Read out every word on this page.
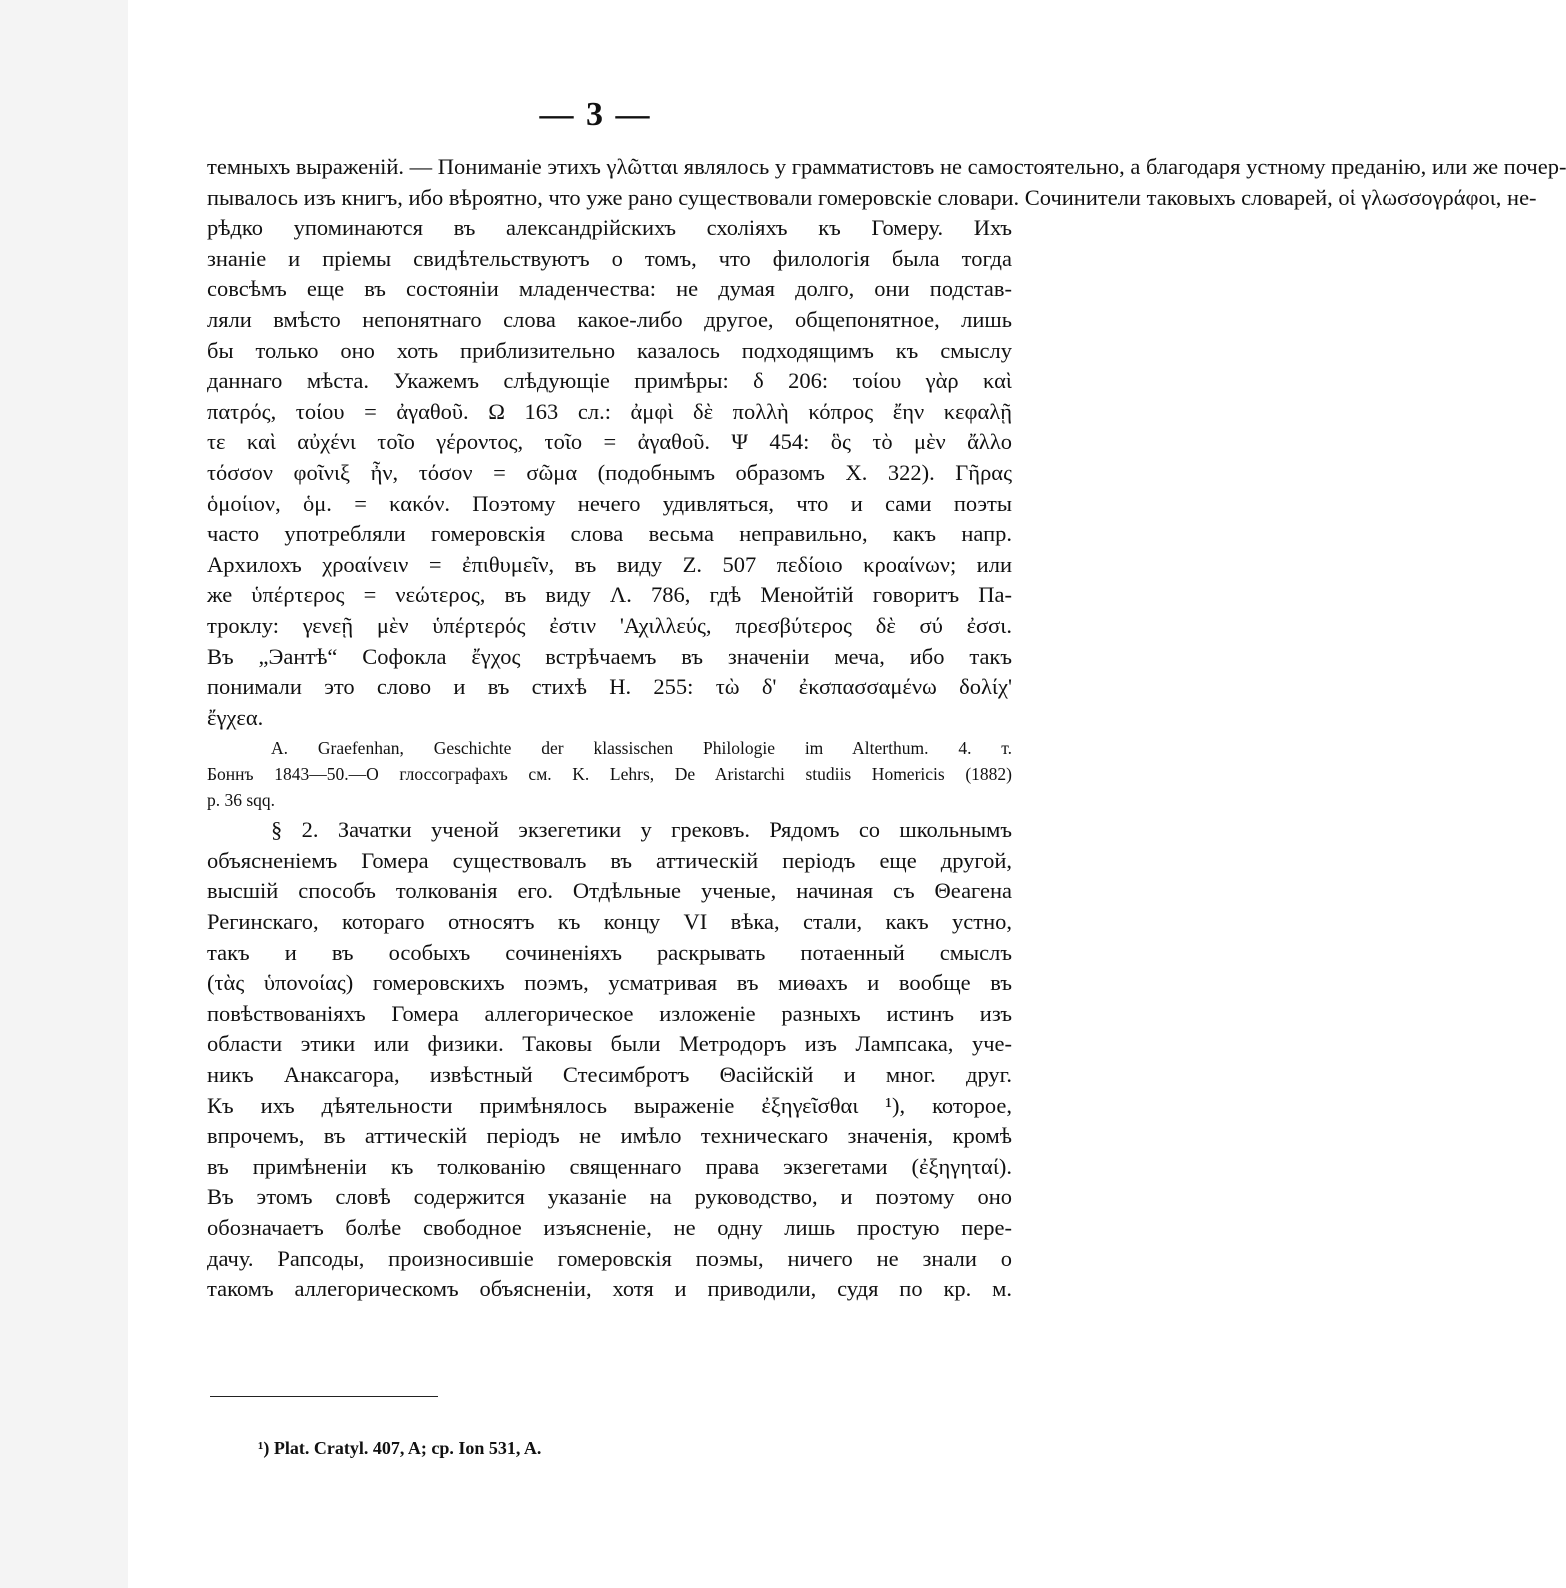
— 3 —
темныхъ выраженій. — Пониманіе этихъ γλῶτται являлось у грамматистовъ не самостоятельно, а благодаря устному преданію, или же почер-
пывалось изъ книгъ, ибо вѣроятно, что уже рано существовали гомеровскіе словари. Сочинители таковыхъ словарей, οἱ γλωσσογράφοι, не-
рѣдко упоминаются въ александрійскихъ схоліяхъ къ Гомеру. Ихъ
знаніе и пріемы свидѣтельствуютъ о томъ, что филологія была тогда
совсѣмъ еще въ состояніи младенчества: не думая долго, они подстав-
ляли вмѣсто непонятнаго слова какое-либо другое, общепонятное, лишь
бы только оно хоть приблизительно казалось подходящимъ къ смыслу
даннаго мѣста. Укажемъ слѣдующіе примѣры: δ 206: τοίου γὰρ καὶ
πατρός, τοίου = ἀγαθοῦ. Ω 163 сл.: ἀμφὶ δὲ πολλὴ κόπρος ἔην κεφαλῇ
τε καὶ αὐχένι τοῖο γέροντος, τοῖο = ἀγαθοῦ. Ψ 454: ὃς τὸ μὲν ἄλλο
τόσσον φοῖνιξ ἦν, τόσον = σῶμα (подобнымъ образомъ Χ. 322). Γῆρας
ὁμοίιον, ὁμ. = κακόν. Поэтому нечего удивляться, что и сами поэты
часто употребляли гомеровскія слова весьма неправильно, какъ напр.
Архилохъ χροαίνειν = ἐπιθυμεῖν, въ виду Ζ. 507 πεδίοιο κροαίνων; или
же ὑπέρτερος = νεώτερος, въ виду Λ. 786, гдѣ Менойтій говоритъ Па-
троклу: γενεῇ μὲν ὑπέρτερός ἐστιν 'Αχιλλεύς, πρεσβύτερος δὲ σύ ἐσσι.
Въ „Эантѣ“ Софокла ἔγχος встрѣчаемъ въ значеніи меча, ибо такъ
понимали это слово и въ стихѣ Η. 255: τὼ δ' ἐκσπασσαμένω δολίχ'
ἔγχεα.
A. Graefenhan, Geschichte der klassischen Philologie im Alterthum. 4. т.
Боннъ 1843—50.—О глоссографахъ см. K. Lehrs, De Aristarchi studiis Homericis (1882)
p. 36 sqq.
§ 2. Зачатки ученой экзегетики у грековъ. Рядомъ со школьнымъ
объясненіемъ Гомера существовалъ въ аттическій періодъ еще другой,
высшій способъ толкованія его. Отдѣльные ученые, начиная съ Θеагена
Регинскаго, котораго относятъ къ концу VI вѣка, стали, какъ устно,
такъ и въ особыхъ сочиненіяхъ раскрывать потаенный смыслъ
(τὰς ὑπονοίας) гомеровскихъ поэмъ, усматривая въ миѳахъ и вообще въ
повѣствованіяхъ Гомера аллегорическое изложеніе разныхъ истинъ изъ
области этики или физики. Таковы были Метродоръ изъ Лампсака, уче-
никъ Анаксагора, извѣстный Стесимбротъ Θасійскій и мног. друг.
Къ ихъ дѣятельности примѣнялось выраженіе ἐξηγεῖσθαι ¹), которое,
впрочемъ, въ аттическій періодъ не имѣло техническаго значенія, кромѣ
въ примѣненіи къ толкованію священнаго права экзегетами (ἐξηγηταί).
Въ этомъ словѣ содержится указаніе на руководство, и поэтому оно
обозначаетъ болѣе свободное изъясненіе, не одну лишь простую пере-
дачу. Рапсоды, произносившіе гомеровскія поэмы, ничего не знали о
такомъ аллегорическомъ объясненіи, хотя и приводили, судя по кр. м.
¹) Plat. Cratyl. 407, A; cp. Ion 531, A.
